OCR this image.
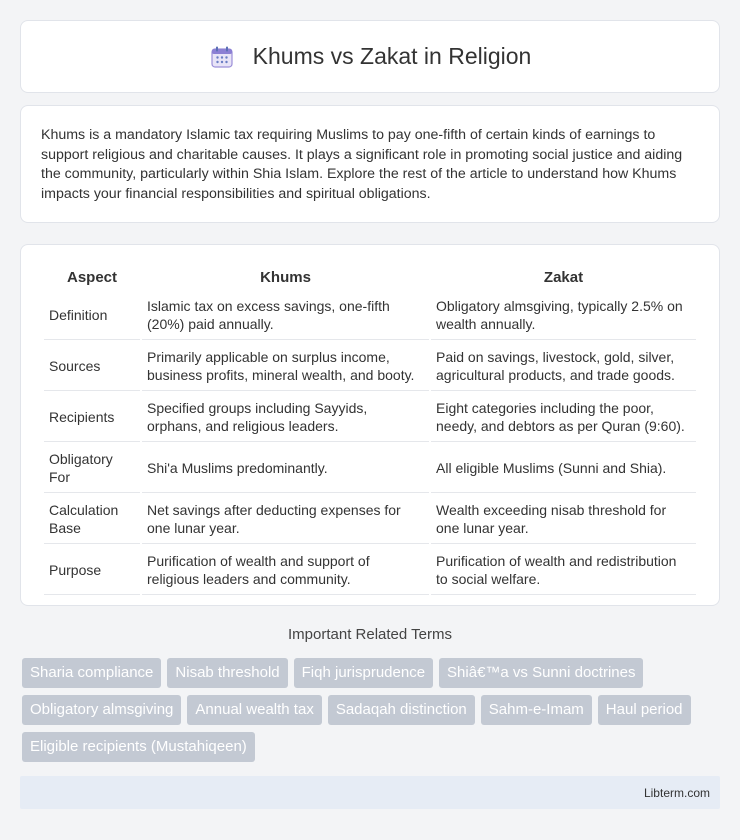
Khums vs Zakat in Religion

Khums is a mandatory Islamic tax requiring Muslims to pay one-fifth of certain kinds of earnings to support religious and charitable causes. It plays a significant role in promoting social justice and aiding the community, particularly within Shia Islam. Explore the rest of the article to understand how Khums impacts your financial responsibilities and spiritual obligations.

Aspect	Khums	Zakat
Definition	Islamic tax on excess savings, one-fifth (20%) paid annually.	Obligatory almsgiving, typically 2.5% on wealth annually.
Sources	Primarily applicable on surplus income, business profits, mineral wealth, and booty.	Paid on savings, livestock, gold, silver, agricultural products, and trade goods.
Recipients	Specified groups including Sayyids, orphans, and religious leaders.	Eight categories including the poor, needy, and debtors as per Quran (9:60).
Obligatory For	Shi'a Muslims predominantly.	All eligible Muslims (Sunni and Shia).
Calculation Base	Net savings after deducting expenses for one lunar year.	Wealth exceeding nisab threshold for one lunar year.
Purpose	Purification of wealth and support of religious leaders and community.	Purification of wealth and redistribution to social welfare.
Important Related Terms
Sharia compliance	Nisab threshold	Fiqh jurisprudence	Shiâ€™a vs Sunni doctrines
Obligatory almsgiving	Annual wealth tax	Sadaqah distinction	Sahm-e-Imam	Haul period
Eligible recipients (Mustahiqeen)
Libterm.com
